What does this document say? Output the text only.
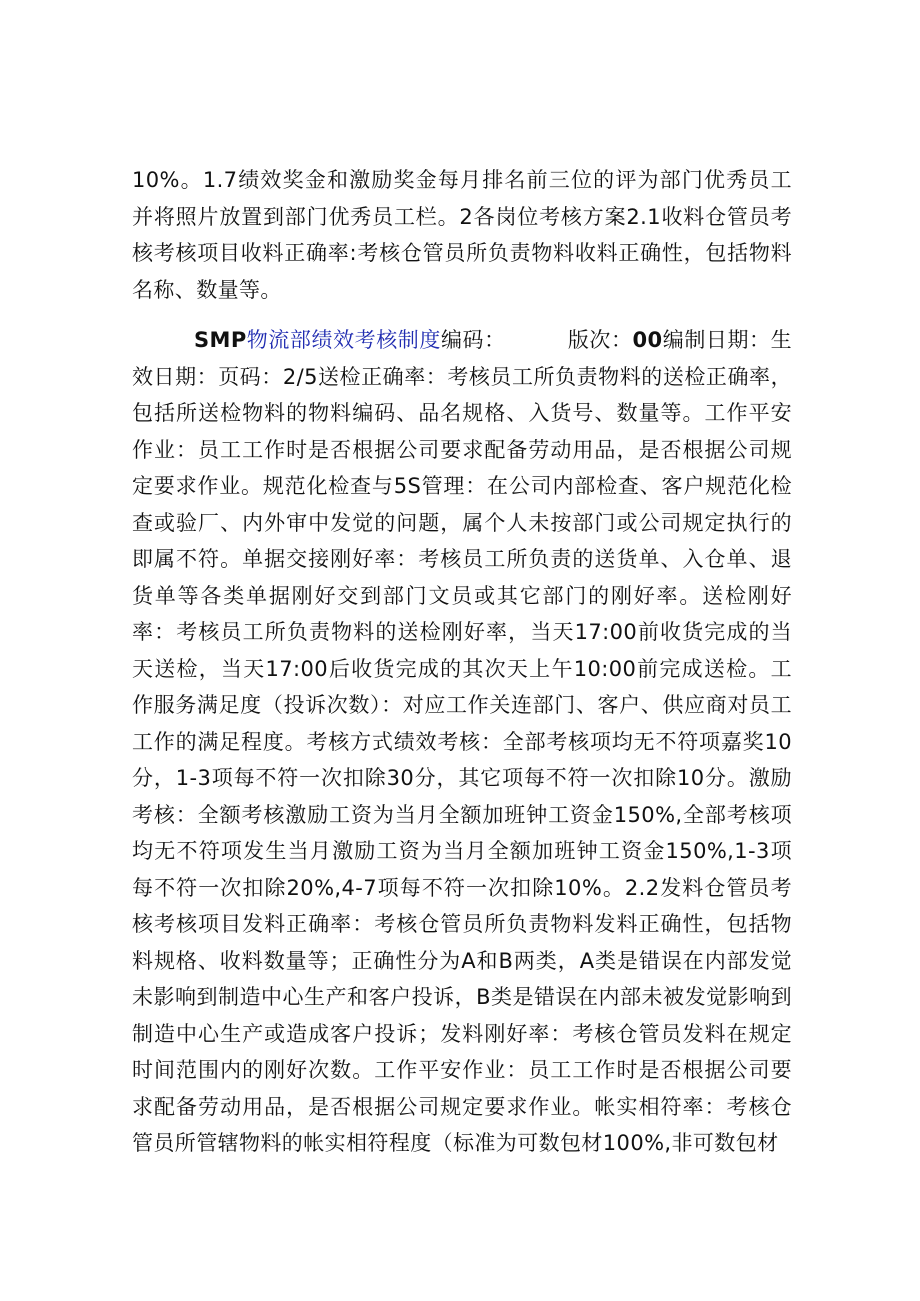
10%。1.7绩效奖金和激励奖金每月排名前三位的评为部门优秀员工并将照片放置到部门优秀员工栏。2各岗位考核方案2.1收料仓管员考核考核项目收料正确率:考核仓管员所负责物料收料正确性，包括物料名称、数量等。

SMP物流部绩效考核制度编码：	版次：00编制日期：生效日期：页码：2/5送检正确率：考核员工所负责物料的送检正确率，包括所送检物料的物料编码、品名规格、入货号、数量等。工作平安作业：员工工作时是否根据公司要求配备劳动用品，是否根据公司规定要求作业。规范化检查与5S管理：在公司内部检查、客户规范化检查或验厂、内外审中发觉的问题，属个人未按部门或公司规定执行的即属不符。单据交接刚好率：考核员工所负责的送货单、入仓单、退货单等各类单据刚好交到部门文员或其它部门的刚好率。送检刚好率：考核员工所负责物料的送检刚好率，当天17:00前收货完成的当天送检，当天17:00后收货完成的其次天上午10:00前完成送检。工作服务满足度（投诉次数）：对应工作关连部门、客户、供应商对员工工作的满足程度。考核方式绩效考核：全部考核项均无不符项嘉奖10分，1-3项每不符一次扣除30分，其它项每不符一次扣除10分。激励考核：全额考核激励工资为当月全额加班钟工资金150%,全部考核项均无不符项发生当月激励工资为当月全额加班钟工资金150%,1-3项每不符一次扣除20%,4-7项每不符一次扣除10%。2.2发料仓管员考核考核项目发料正确率：考核仓管员所负责物料发料正确性，包括物料规格、收料数量等；正确性分为A和B两类，A类是错误在内部发觉未影响到制造中心生产和客户投诉，B类是错误在内部未被发觉影响到制造中心生产或造成客户投诉；发料刚好率：考核仓管员发料在规定时间范围内的刚好次数。工作平安作业：员工工作时是否根据公司要求配备劳动用品，是否根据公司规定要求作业。帐实相符率：考核仓管员所管辖物料的帐实相符程度（标准为可数包材100%,非可数包材
